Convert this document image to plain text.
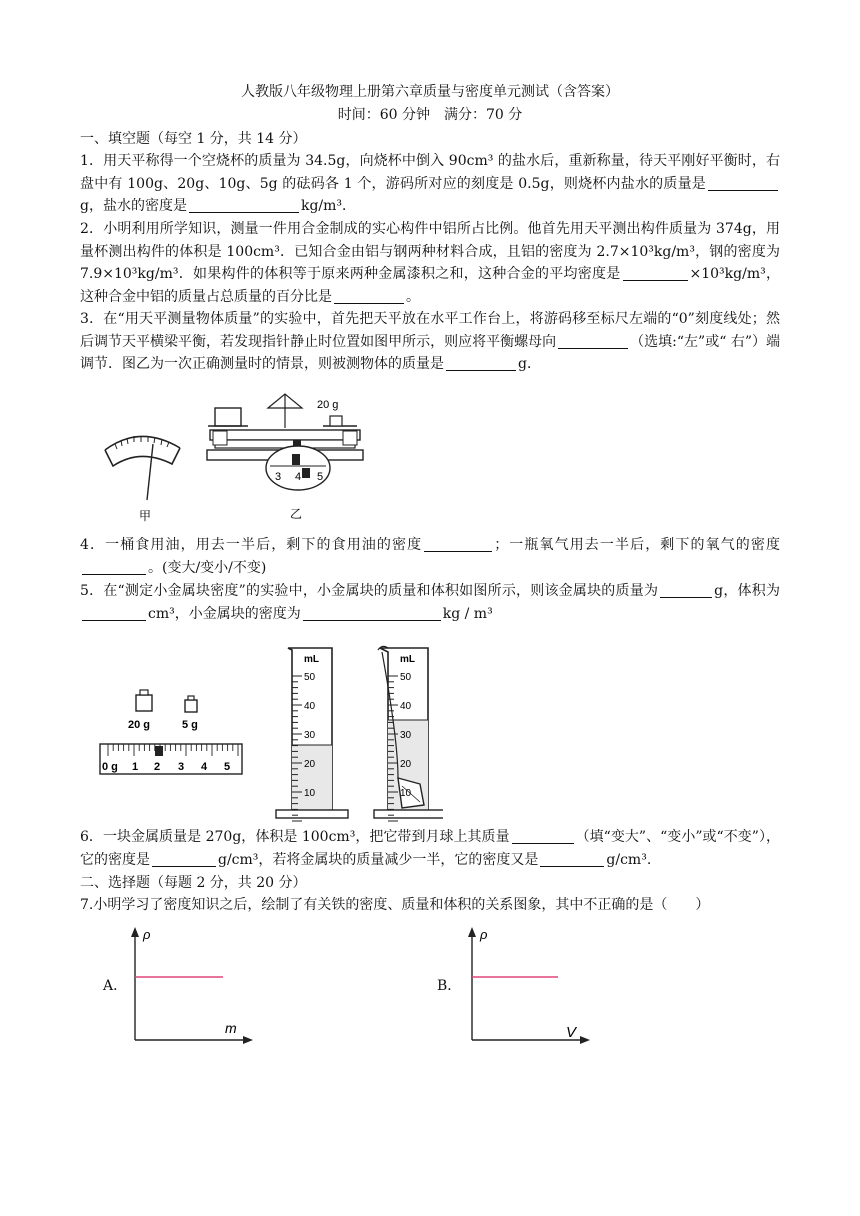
人教版八年级物理上册第六章质量与密度单元测试（含答案）
时间：60 分钟　满分：70 分
一、填空题（每空 1 分，共 14 分）
1．用天平称得一个空烧杯的质量为 34.5g，向烧杯中倒入 90cm³ 的盐水后，重新称量，待天平刚好平衡时，右盘中有 100g、20g、10g、5g 的砝码各 1 个，游码所对应的刻度是 0.5g，则烧杯内盐水的质量是g，盐水的密度是	kg/m³．
2．小明利用所学知识，测量一件用合金制成的实心构件中铝所占比例。他首先用天平测出构件质量为 374g，用量杯测出构件的体积是 100cm³．已知合金由铝与钢两种材料合成，且铝的密度为 2.7×10³kg/m³，钢的密度为 7.9×10³kg/m³．如果构件的体积等于原来两种金属漆积之和，这种合金的平均密度是	×10³kg/m³，这种合金中铝的质量占总质量的百分比是	。
3．在“用天平测量物体质量”的实验中，首先把天平放在水平工作台上，将游码移至标尺左端的“0”刻度线处；然后调节天平横梁平衡，若发现指针静止时位置如图甲所示，则应将平衡螺母向	（选填:“左”或“ 右”）端调节．图乙为一次正确测量时的情景，则被测物体的质量是	g．
甲
20 g
3 4 5
乙
4．一桶食用油，用去一半后，剩下的食用油的密度	；一瓶氧气用去一半后，剩下的氧气的密度。(变大/变小/不变)
5．在“测定小金属块密度”的实验中，小金属块的质量和体积如图所示，则该金属块的质量为	g，体积为cm³，小金属块的密度为	kg / m³
20 g	5 g
0 g 1 2 3 4 5
mL
50
40
30
20
10
mL
50
40
30
20
10
6．一块金属质量是 270g，体积是 100cm³，把它带到月球上其质量	（填“变大”、“变小”或“不变”），它的密度是	g/cm³，若将金属块的质量减少一半，它的密度又是	g/cm³.
二、选择题（每题 2 分，共 20 分）
7.小明学习了密度知识之后，绘制了有关铁的密度、质量和体积的关系图象，其中不正确的是（　　）
A．
ρ
m
B．
ρ
V
